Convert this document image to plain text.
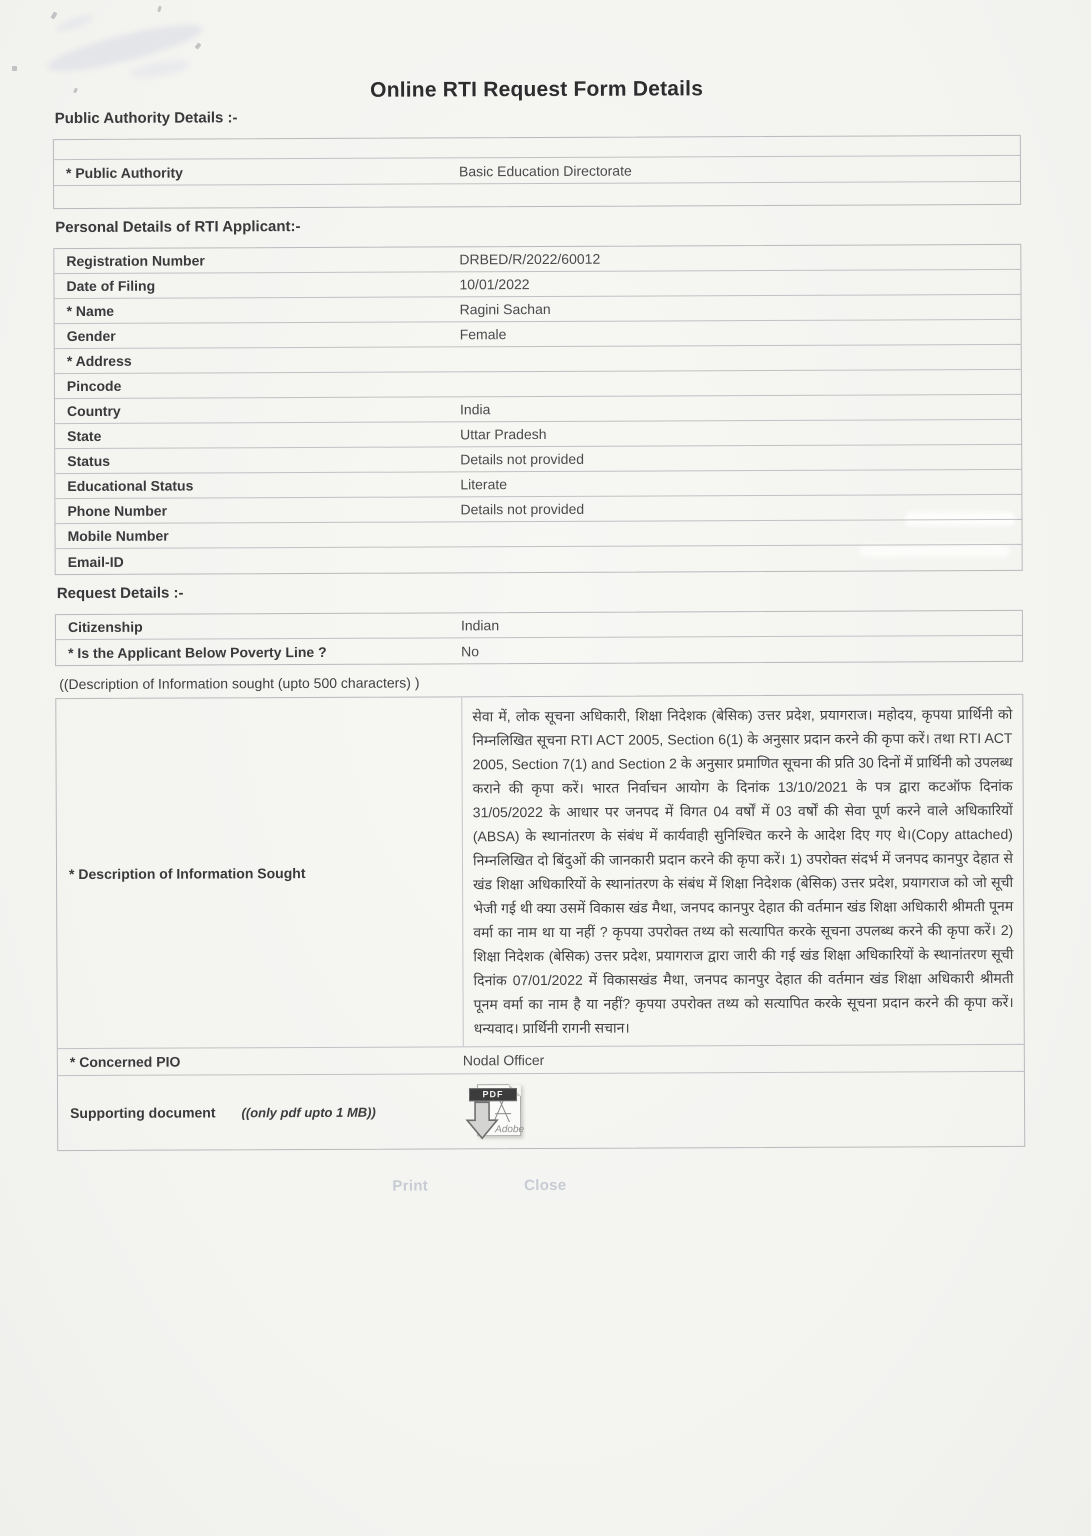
Online RTI Request Form Details
Public Authority Details :-
* Public Authority	Basic Education Directorate
Personal Details of RTI Applicant:-
Registration Number	DRBED/R/2022/60012
Date of Filing	10/01/2022
* Name	Ragini Sachan
Gender	Female
* Address
Pincode
Country	India
State	Uttar Pradesh
Status	Details not provided
Educational Status	Literate
Phone Number	Details not provided
Mobile Number
Email-ID
Request Details :-
Citizenship	Indian
* Is the Applicant Below Poverty Line ?	No
((Description of Information sought (upto 500 characters) )
* Description of Information Sought
सेवा में, लोक सूचना अधिकारी, शिक्षा निदेशक (बेसिक) उत्तर प्रदेश, प्रयागराज। महोदय, कृपया प्रार्थिनी को निम्नलिखित सूचना RTI ACT 2005, Section 6(1) के अनुसार प्रदान करने की कृपा करें। तथा RTI ACT 2005, Section 7(1) and Section 2 के अनुसार प्रमाणित सूचना की प्रति 30 दिनों में प्रार्थिनी को उपलब्ध कराने की कृपा करें। भारत निर्वाचन आयोग के दिनांक 13/10/2021 के पत्र द्वारा कटऑफ दिनांक 31/05/2022 के आधार पर जनपद में विगत 04 वर्षों में 03 वर्षों की सेवा पूर्ण करने वाले अधिकारियों (ABSA) के स्थानांतरण के संबंध में कार्यवाही सुनिश्चित करने के आदेश दिए गए थे।(Copy attached) निम्नलिखित दो बिंदुओं की जानकारी प्रदान करने की कृपा करें। 1) उपरोक्त संदर्भ में जनपद कानपुर देहात से खंड शिक्षा अधिकारियों के स्थानांतरण के संबंध में शिक्षा निदेशक (बेसिक) उत्तर प्रदेश, प्रयागराज को जो सूची भेजी गई थी क्या उसमें विकास खंड मैथा, जनपद कानपुर देहात की वर्तमान खंड शिक्षा अधिकारी श्रीमती पूनम वर्मा का नाम था या नहीं ? कृपया उपरोक्त तथ्य को सत्यापित करके सूचना उपलब्ध करने की कृपा करें। 2) शिक्षा निदेशक (बेसिक) उत्तर प्रदेश, प्रयागराज द्वारा जारी की गई खंड शिक्षा अधिकारियों के स्थानांतरण सूची दिनांक 07/01/2022 में विकासखंड मैथा, जनपद कानपुर देहात की वर्तमान खंड शिक्षा अधिकारी श्रीमती पूनम वर्मा का नाम है या नहीं? कृपया उपरोक्त तथ्य को सत्यापित करके सूचना प्रदान करने की कृपा करें। धन्यवाद। प्रार्थिनी रागनी सचान।
* Concerned PIO	Nodal Officer
Supporting document ((only pdf upto 1 MB))
PDF
Adobe
Print	Close
